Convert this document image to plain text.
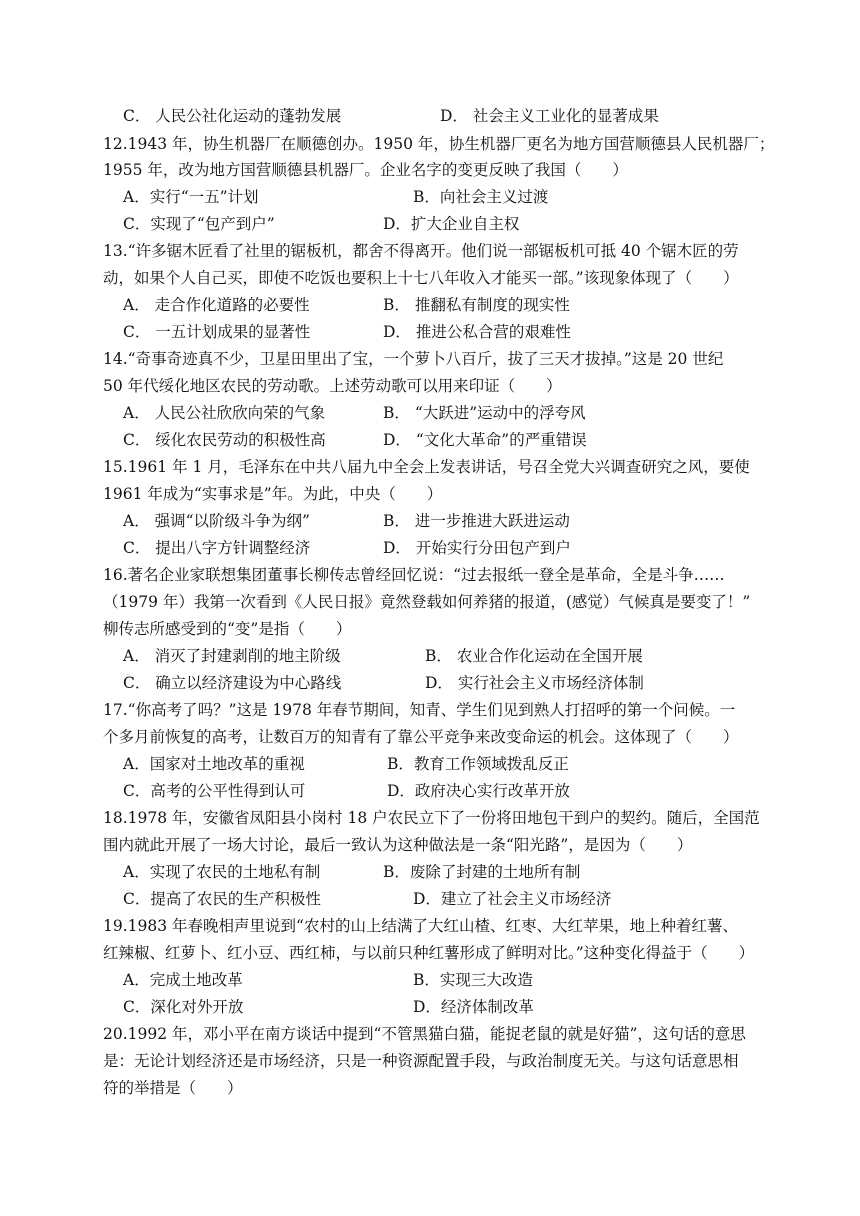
C． 人民公社化运动的蓬勃发展	D． 社会主义工业化的显著成果
12.1943 年，协生机器厂在顺德创办。1950 年，协生机器厂更名为地方国营顺德县人民机器厂；
1955 年，改为地方国营顺德县机器厂。企业名字的变更反映了我国（　　）
A．实行“一五”计划	B．向社会主义过渡
C．实现了“包产到户”	D．扩大企业自主权
13.“许多锯木匠看了社里的锯板机，都舍不得离开。他们说一部锯板机可抵 40 个锯木匠的劳
动，如果个人自己买，即使不吃饭也要积上十七八年收入才能买一部。”该现象体现了（　　）
A． 走合作化道路的必要性	B． 推翻私有制度的现实性
C． 一五计划成果的显著性	D． 推进公私合营的艰难性
14.“奇事奇迹真不少，卫星田里出了宝，一个萝卜八百斤，拔了三天才拔掉。”这是 20 世纪
50 年代绥化地区农民的劳动歌。上述劳动歌可以用来印证（　　）
A． 人民公社欣欣向荣的气象	B． “大跃进”运动中的浮夸风
C． 绥化农民劳动的积极性高	D． “文化大革命”的严重错误
15.1961 年 1 月，毛泽东在中共八届九中全会上发表讲话，号召全党大兴调查研究之风，要使
1961 年成为“实事求是”年。为此，中央（　　）
A． 强调“以阶级斗争为纲”	B． 进一步推进大跃进运动
C． 提出八字方针调整经济	D． 开始实行分田包产到户
16.著名企业家联想集团董事长柳传志曾经回忆说：“过去报纸一登全是革命，全是斗争……
（1979 年）我第一次看到《人民日报》竟然登载如何养猪的报道，(感觉）气候真是要变了！”
柳传志所感受到的“变”是指（　　）
A． 消灭了封建剥削的地主阶级	B． 农业合作化运动在全国开展
C． 确立以经济建设为中心路线	D． 实行社会主义市场经济体制
17.“你高考了吗？”这是 1978 年春节期间，知青、学生们见到熟人打招呼的第一个问候。一
个多月前恢复的高考，让数百万的知青有了靠公平竞争来改变命运的机会。这体现了（　　）
A．国家对土地改革的重视	B．教育工作领域拨乱反正
C．高考的公平性得到认可	D．政府决心实行改革开放
18.1978 年，安徽省凤阳县小岗村 18 户农民立下了一份将田地包干到户的契约。随后，全国范
围内就此开展了一场大讨论，最后一致认为这种做法是一条“阳光路”，是因为（　　）
A．实现了农民的土地私有制	B．废除了封建的土地所有制
C．提高了农民的生产积极性	D．建立了社会主义市场经济
19.1983 年春晚相声里说到“农村的山上结满了大红山楂、红枣、大红苹果，地上种着红薯、
红辣椒、红萝卜、红小豆、西红柿，与以前只种红薯形成了鲜明对比。”这种变化得益于（　　）
A．完成土地改革	B．实现三大改造
C．深化对外开放	D．经济体制改革
20.1992 年，邓小平在南方谈话中提到“不管黑猫白猫，能捉老鼠的就是好猫”，这句话的意思
是：无论计划经济还是市场经济，只是一种资源配置手段，与政治制度无关。与这句话意思相
符的举措是（　　）
